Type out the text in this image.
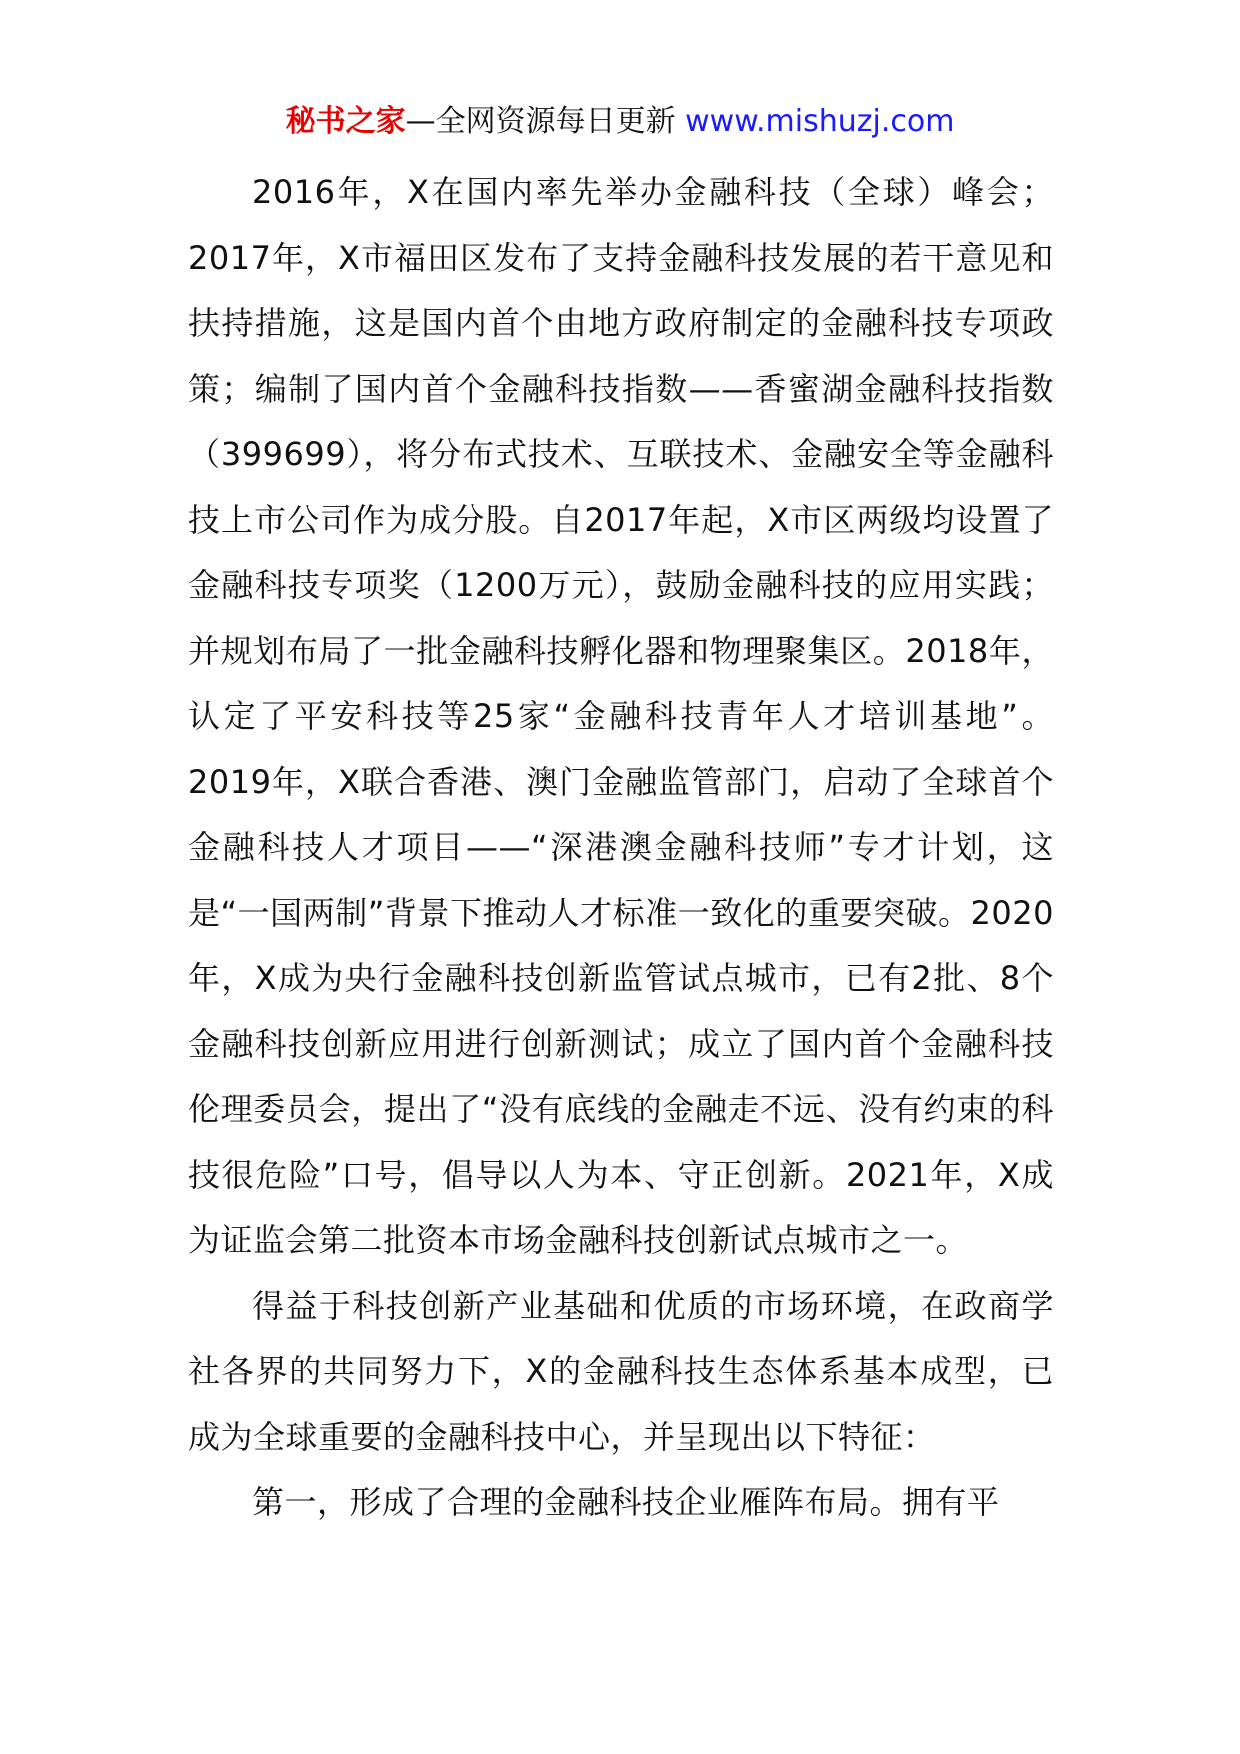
秘书之家—全网资源每日更新 www.mishuzj.com

2016年，X在国内率先举办金融科技（全球）峰会；2017年，X市福田区发布了支持金融科技发展的若干意见和扶持措施，这是国内首个由地方政府制定的金融科技专项政策；编制了国内首个金融科技指数——香蜜湖金融科技指数（399699），将分布式技术、互联技术、金融安全等金融科技上市公司作为成分股。自2017年起，X市区两级均设置了金融科技专项奖（1200万元），鼓励金融科技的应用实践；并规划布局了一批金融科技孵化器和物理聚集区。2018年，认定了平安科技等25家“金融科技青年人才培训基地”。2019年，X联合香港、澳门金融监管部门，启动了全球首个金融科技人才项目——“深港澳金融科技师”专才计划，这是“一国两制”背景下推动人才标准一致化的重要突破。2020年，X成为央行金融科技创新监管试点城市，已有2批、8个金融科技创新应用进行创新测试；成立了国内首个金融科技伦理委员会，提出了“没有底线的金融走不远、没有约束的科技很危险”口号，倡导以人为本、守正创新。2021年，X成为证监会第二批资本市场金融科技创新试点城市之一。

得益于科技创新产业基础和优质的市场环境，在政商学社各界的共同努力下，X的金融科技生态体系基本成型，已成为全球重要的金融科技中心，并呈现出以下特征：

第一，形成了合理的金融科技企业雁阵布局。拥有平
